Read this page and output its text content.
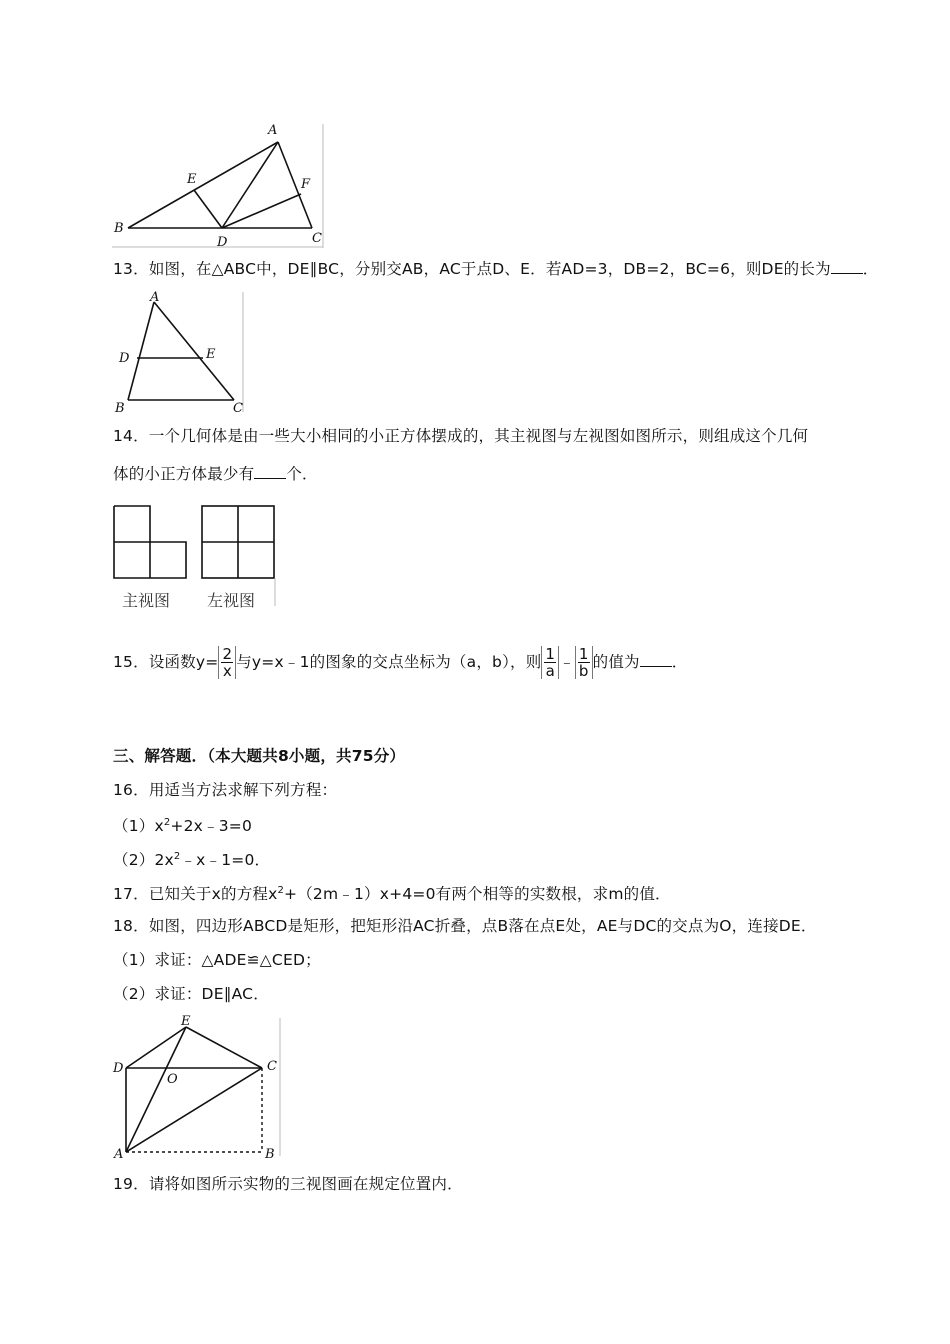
A
B
C
D
E	F
13．如图，在△ABC中，DE∥BC，分别交AB，AC于点D、E．若AD=3，DB=2，BC=6，则DE的长为 ．
A
D	E
B	C
14．一个几何体是由一些大小相同的小正方体摆成的，其主视图与左视图如图所示，则组成这个几何
体的小正方体最少有 个．
主视图 左视图
15．设函数$y= \frac{2}{x}$ 与y=x﹣1的图象的交点坐标为（a，b），则 $\frac{1}{a}$ ﹣ $\frac{1}{b}$ 的值为 ．
三、解答题．（本大题共8小题，共75分）
16．用适当方法求解下列方程：
$(1)x^2+2x﹣3=0$
$(2)2x^2﹣x﹣1=0$．
17．已知关于x的方程$x^2+(2m﹣1)x+4=0$有两个相等的实数根，求m的值．
18．如图，四边形ABCD是矩形，把矩形沿AC折叠，点B落在点E处，AE与DC的交点为O，连接DE．
（1）求证：△ADE≌△CED；
（2）求证：DE∥AC．
E
D	C
O
A	B
19．请将如图所示实物的三视图画在规定位置内．
